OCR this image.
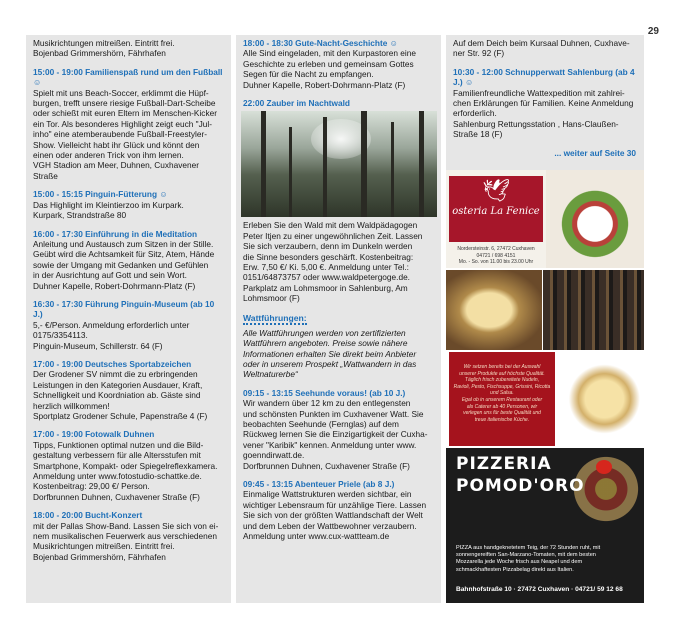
29
Musikrichtungen mitreißen. Eintritt frei.
Bojenbad Grimmershörn, Fährhafen
15:00 - 19:00 Familienspaß rund um den Fußball ☺
Spielt mit uns Beach-Soccer, erklimmt die Hüpf-
burgen, trefft unsere riesige Fußball-Dart-Scheibe
oder schießt mit euren Eltern im Menschen-Kicker
ein Tor. Als besonderes Highlight zeigt euch "Jul-
inho" eine atemberaubende Fußball-Freestyler-
Show. Vielleicht habt ihr Glück und könnt den
einen oder anderen Trick von ihm lernen.
VGH Stadion am Meer, Duhnen, Cuxhavener
Straße
15:00 - 15:15 Pinguin-Fütterung ☺
Das Highlight im Kleintierzoo im Kurpark.
Kurpark, Strandstraße 80
16:00 - 17:30 Einführung in die Meditation
Anleitung und Austausch zum Sitzen in der Stille.
Geübt wird die Achtsamkeit für Sitz, Atem, Hände
sowie der Umgang mit Gedanken und Gefühlen
in der Ausrichtung auf Gott und sein Wort.
Duhner Kapelle, Robert-Dohrmann-Platz (F)
16:30 - 17:30 Führung Pinguin-Museum (ab 10 J.)
5,- €/Person. Anmeldung erforderlich unter
0175/3354113.
Pinguin-Museum, Schillerstr. 64 (F)
17:00 - 19:00 Deutsches Sportabzeichen
Der Grodener SV nimmt die zu erbringenden
Leistungen in den Kategorien Ausdauer, Kraft,
Schnelligkeit und Koordniation ab. Gäste sind
herzlich willkommen!
Sportplatz Grodener Schule, Papenstraße 4 (F)
17:00 - 19:00 Fotowalk Duhnen
Tipps, Funktionen optimal nutzen und die Bild-
gestaltung verbessern für alle Altersstufen mit
Smartphone, Kompakt- oder Spiegelreflexkamera.
Anmeldung unter www.fotostudio-schattke.de.
Kostenbeitrag: 29,00 €/ Person.
Dorfbrunnen Duhnen, Cuxhavener Straße (F)
18:00 - 20:00 Bucht-Konzert
mit der Pallas Show-Band. Lassen Sie sich von ei-
nem musikalischen Feuerwerk aus verschiedenen
Musikrichtungen mitreißen. Eintritt frei.
Bojenbad Grimmershörn, Fährhafen
18:00 - 18:30 Gute-Nacht-Geschichte ☺
Alle Sind eingeladen, mit den Kurpastoren eine
Geschichte zu erleben und gemeinsam Gottes
Segen für die Nacht zu empfangen.
Duhner Kapelle, Robert-Dohrmann-Platz (F)
22:00 Zauber im Nachtwald
Erleben Sie den Wald mit dem Waldpädagogen
Peter Itjen zu einer ungewöhnlichen Zeit. Lassen
Sie sich verzaubern, denn im Dunkeln werden
die Sinne besonders geschärft. Kostenbeitrag:
Erw. 7,50 €/ Ki. 5,00 €. Anmeldung unter Tel.:
0151/64873757 oder www.waldpetergoge.de.
Parkplatz am Lohmsmoor in Sahlenburg, Am
Lohmsmoor (F)
Wattführungen:
Alle Wattführungen werden von zertifizierten
Wattführern angeboten. Preise sowie nähere
Informationen erhalten Sie direkt beim Anbieter
oder in unserem Prospekt „Wattwandern in das
Weltnaturerbe“
09:15 - 13:15 Seehunde voraus! (ab 10 J.)
Wir wandern über 12 km zu den entlegensten
und schönsten Punkten im Cuxhavener Watt. Sie
beobachten Seehunde (Fernglas) auf dem
Rückweg lernen Sie die Einzigartigkeit der Cuxha-
vener "Karibik" kennen. Anmeldung unter www.
goenndirwatt.de.
Dorfbrunnen Duhnen, Cuxhavener Straße (F)
09:45 - 13:15 Abenteuer Priele (ab 8 J.)
Einmalige Wattstrukturen werden sichtbar, ein
wichtiger Lebensraum für unzählige Tiere. Lassen
Sie sich von der größten Wattlandschaft der Welt
und dem Leben der Wattbewohner verzaubern.
Anmeldung unter www.cux-wattteam.de
Auf dem Deich beim Kursaal Duhnen, Cuxhave-
ner Str. 92 (F)
10:30 - 12:00 Schnupperwatt Sahlenburg (ab 4 J.) ☺
Familienfreundliche Wattexpedition mit zahlrei-
chen Erklärungen für Familien. Keine Anmeldung
erforderlich.
Sahlenburg Rettungsstation , Hans-Claußen-
Straße 18 (F)
... weiter auf Seite 30
🕊
osteria La Fenice
Nordersteinstr. 6, 27472 Cuxhaven
04721 / 698 4151
Mo. - So. von 11.00 bis 23.00 Uhr
Wir setzen bereits bei der Auswahl
unserer Produkte auf höchste Qualität.
Täglich frisch zubereitete Nudeln,
Ravioli, Pesto, Fischsuppe, Grissini, Ricotta
und Salsa.
Egal ob in unserem Restaurant oder
als Caterer ab 40 Personen, wir
verlegen uns für beste Qualität und
treue italienische Küche.
PIZZERIA
POMOD'ORO
PIZZA aus handgeknetetem Teig, der 72 Stunden ruht, mit
sonnengereiften San-Marzano-Tomaten, mit dem besten
Mozzarella jede Woche frisch aus Neapel und dem
schmackhaftesten Pizzabelag direkt aus Italien.
Bahnhofstraße 10 · 27472 Cuxhaven · 04721/ 59 12 68
